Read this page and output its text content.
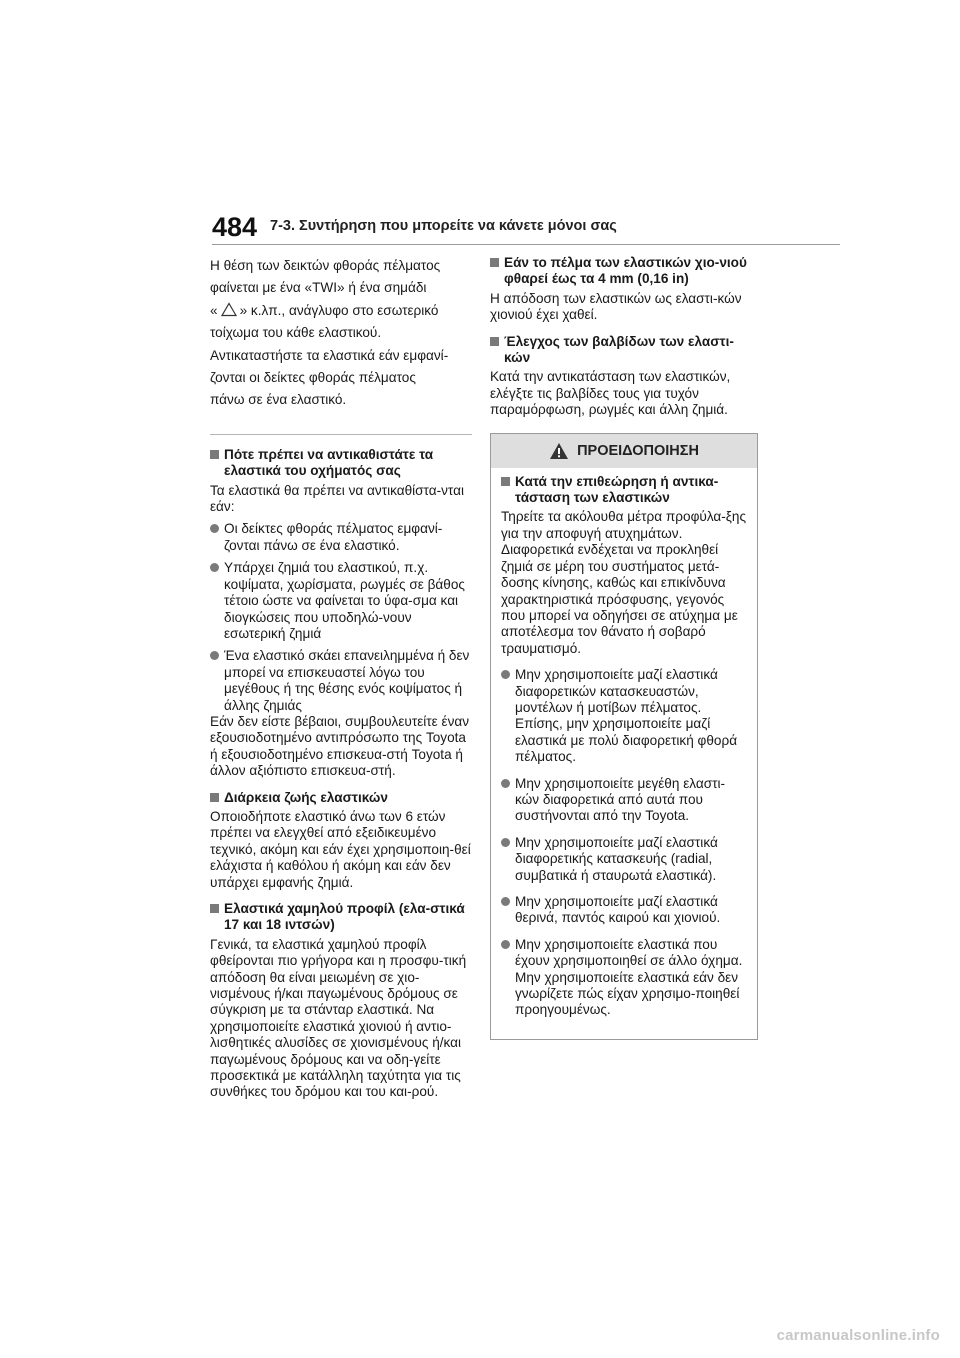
484 7-3. Συντήρηση που μπορείτε να κάνετε μόνοι σας

Η θέση των δεικτών φθοράς πέλματος

φαίνεται με ένα «TWI» ή ένα σημάδι

« » κ.λπ., ανάγλυφο στο εσωτερικό

τοίχωμα του κάθε ελαστικού.

Αντικαταστήστε τα ελαστικά εάν εμφανί-

ζονται οι δείκτες φθοράς πέλματος

πάνω σε ένα ελαστικό.

Πότε πρέπει να αντικαθιστάτε τα ελαστικά του οχήματός σας

Τα ελαστικά θα πρέπει να αντικαθίστα-νται εάν:

Οι δείκτες φθοράς πέλματος εμφανί-ζονται πάνω σε ένα ελαστικό.
Υπάρχει ζημιά του ελαστικού, π.χ. κοψίματα, χωρίσματα, ρωγμές σε βάθος τέτοιο ώστε να φαίνεται το ύφα-σμα και διογκώσεις που υποδηλώ-νουν εσωτερική ζημιά
Ένα ελαστικό σκάει επανειλημμένα ή δεν μπορεί να επισκευαστεί λόγω του μεγέθους ή της θέσης ενός κοψίματος ή άλλης ζημιάς

Εάν δεν είστε βέβαιοι, συμβουλευτείτε έναν εξουσιοδοτημένο αντιπρόσωπο της Toyota ή εξουσιοδοτημένο επισκευα-στή Toyota ή άλλον αξιόπιστο επισκευα-στή.

Διάρκεια ζωής ελαστικών

Οποιοδήποτε ελαστικό άνω των 6 ετών πρέπει να ελεγχθεί από εξειδικευμένο τεχνικό, ακόμη και εάν έχει χρησιμοποιη-θεί ελάχιστα ή καθόλου ή ακόμη και εάν δεν υπάρχει εμφανής ζημιά.

Ελαστικά χαμηλού προφίλ (ελα-στικά 17 και 18 ιντσών)

Γενικά, τα ελαστικά χαμηλού προφίλ φθείρονται πιο γρήγορα και η προσφυ-τική απόδοση θα είναι μειωμένη σε χιο-νισμένους ή/και παγωμένους δρόμους σε σύγκριση με τα στάνταρ ελαστικά. Να χρησιμοποιείτε ελαστικά χιονιού ή αντιο-λισθητικές αλυσίδες σε χιονισμένους ή/και παγωμένους δρόμους και να οδη-γείτε προσεκτικά με κατάλληλη ταχύτητα για τις συνθήκες του δρόμου και του και-ρού.

Εάν το πέλμα των ελαστικών χιο-νιού φθαρεί έως τα 4 mm (0,16 in)

Η απόδοση των ελαστικών ως ελαστι-κών χιονιού έχει χαθεί.

Έλεγχος των βαλβίδων των ελαστι-κών

Κατά την αντικατάσταση των ελαστικών, ελέγξτε τις βαλβίδες τους για τυχόν παραμόρφωση, ρωγμές και άλλη ζημιά.

ΠΡΟΕΙΔΟΠΟΙΗΣΗ
Κατά την επιθεώρηση ή αντικα-τάσταση των ελαστικών

Τηρείτε τα ακόλουθα μέτρα προφύλα-ξης για την αποφυγή ατυχημάτων. Διαφορετικά ενδέχεται να προκληθεί ζημιά σε μέρη του συστήματος μετά-δοσης κίνησης, καθώς και επικίνδυνα χαρακτηριστικά πρόσφυσης, γεγονός που μπορεί να οδηγήσει σε ατύχημα με αποτέλεσμα τον θάνατο ή σοβαρό τραυματισμό.

Μην χρησιμοποιείτε μαζί ελαστικά διαφορετικών κατασκευαστών, μοντέλων ή μοτίβων πέλματος.
Επίσης, μην χρησιμοποιείτε μαζί ελαστικά με πολύ διαφορετική φθορά πέλματος.
Μην χρησιμοποιείτε μεγέθη ελαστι-κών διαφορετικά από αυτά που συστήνονται από την Toyota.
Μην χρησιμοποιείτε μαζί ελαστικά διαφορετικής κατασκευής (radial, συμβατικά ή σταυρωτά ελαστικά).
Μην χρησιμοποιείτε μαζί ελαστικά θερινά, παντός καιρού και χιονιού.
Μην χρησιμοποιείτε ελαστικά που έχουν χρησιμοποιηθεί σε άλλο όχημα.
Μην χρησιμοποιείτε ελαστικά εάν δεν γνωρίζετε πώς είχαν χρησιμο-ποιηθεί προηγουμένως.
carmanualsonline.info
